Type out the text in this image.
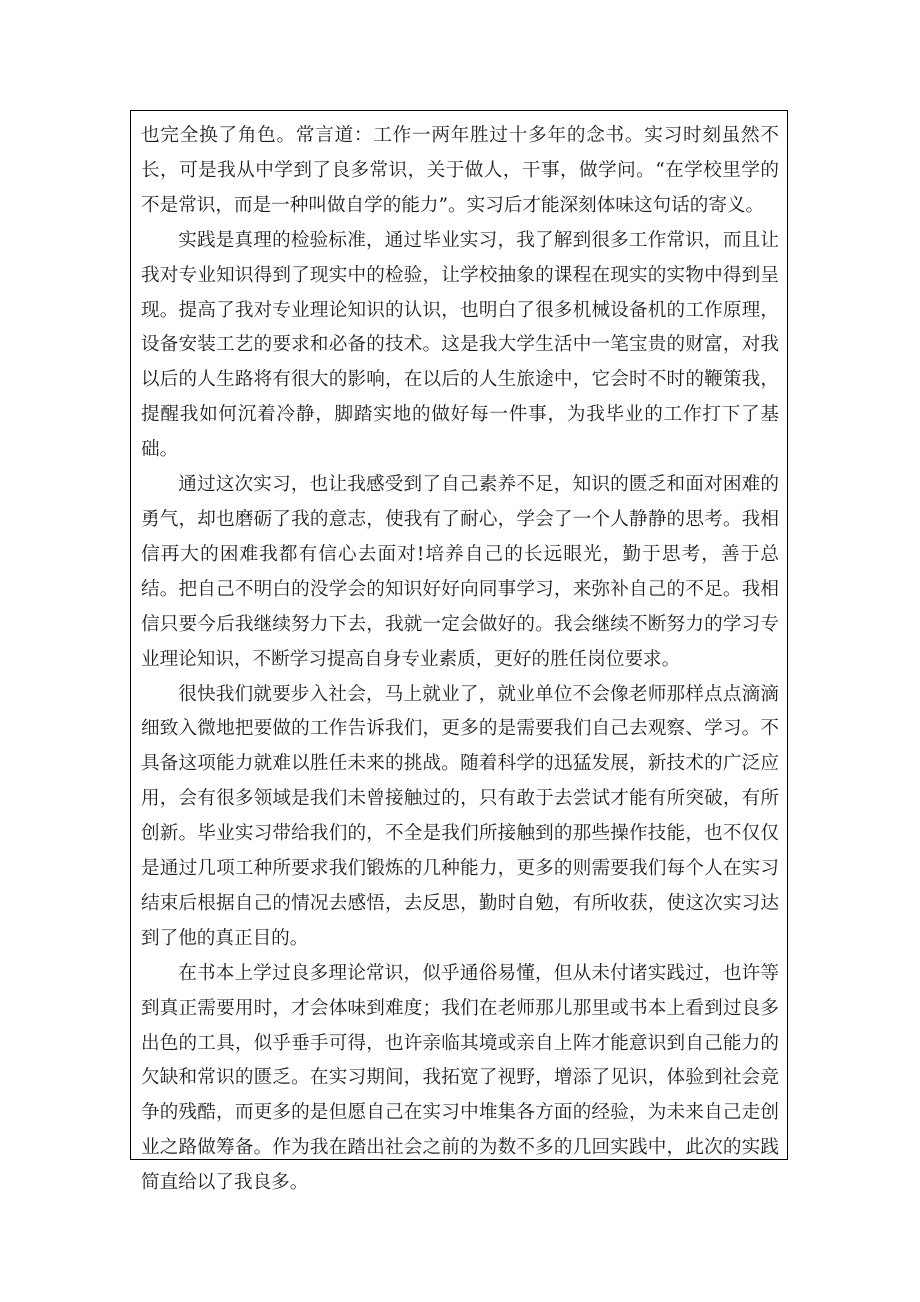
也完全换了角色。常言道：工作一两年胜过十多年的念书。实习时刻虽然不长，可是我从中学到了良多常识，关于做人，干事，做学问。“在学校里学的不是常识，而是一种叫做自学的能力”。实习后才能深刻体味这句话的寄义。

实践是真理的检验标准，通过毕业实习，我了解到很多工作常识，而且让我对专业知识得到了现实中的检验，让学校抽象的课程在现实的实物中得到呈现。提高了我对专业理论知识的认识，也明白了很多机械设备机的工作原理，设备安装工艺的要求和必备的技术。这是我大学生活中一笔宝贵的财富，对我以后的人生路将有很大的影响，在以后的人生旅途中，它会时不时的鞭策我，提醒我如何沉着冷静，脚踏实地的做好每一件事，为我毕业的工作打下了基础。

通过这次实习，也让我感受到了自己素养不足，知识的匮乏和面对困难的勇气，却也磨砺了我的意志，使我有了耐心，学会了一个人静静的思考。我相信再大的困难我都有信心去面对!培养自己的长远眼光，勤于思考，善于总结。把自己不明白的没学会的知识好好向同事学习，来弥补自己的不足。我相信只要今后我继续努力下去，我就一定会做好的。我会继续不断努力的学习专业理论知识，不断学习提高自身专业素质，更好的胜任岗位要求。

很快我们就要步入社会，马上就业了，就业单位不会像老师那样点点滴滴细致入微地把要做的工作告诉我们，更多的是需要我们自己去观察、学习。不具备这项能力就难以胜任未来的挑战。随着科学的迅猛发展，新技术的广泛应用，会有很多领域是我们未曾接触过的，只有敢于去尝试才能有所突破，有所创新。毕业实习带给我们的，不全是我们所接触到的那些操作技能，也不仅仅是通过几项工种所要求我们锻炼的几种能力，更多的则需要我们每个人在实习结束后根据自己的情况去感悟，去反思，勤时自勉，有所收获，使这次实习达到了他的真正目的。

在书本上学过良多理论常识，似乎通俗易懂，但从未付诸实践过，也许等到真正需要用时，才会体味到难度；我们在老师那儿那里或书本上看到过良多出色的工具，似乎垂手可得，也许亲临其境或亲自上阵才能意识到自己能力的欠缺和常识的匮乏。在实习期间，我拓宽了视野，增添了见识，体验到社会竞争的残酷，而更多的是但愿自己在实习中堆集各方面的经验，为未来自己走创业之路做筹备。作为我在踏出社会之前的为数不多的几回实践中，此次的实践简直给以了我良多。
